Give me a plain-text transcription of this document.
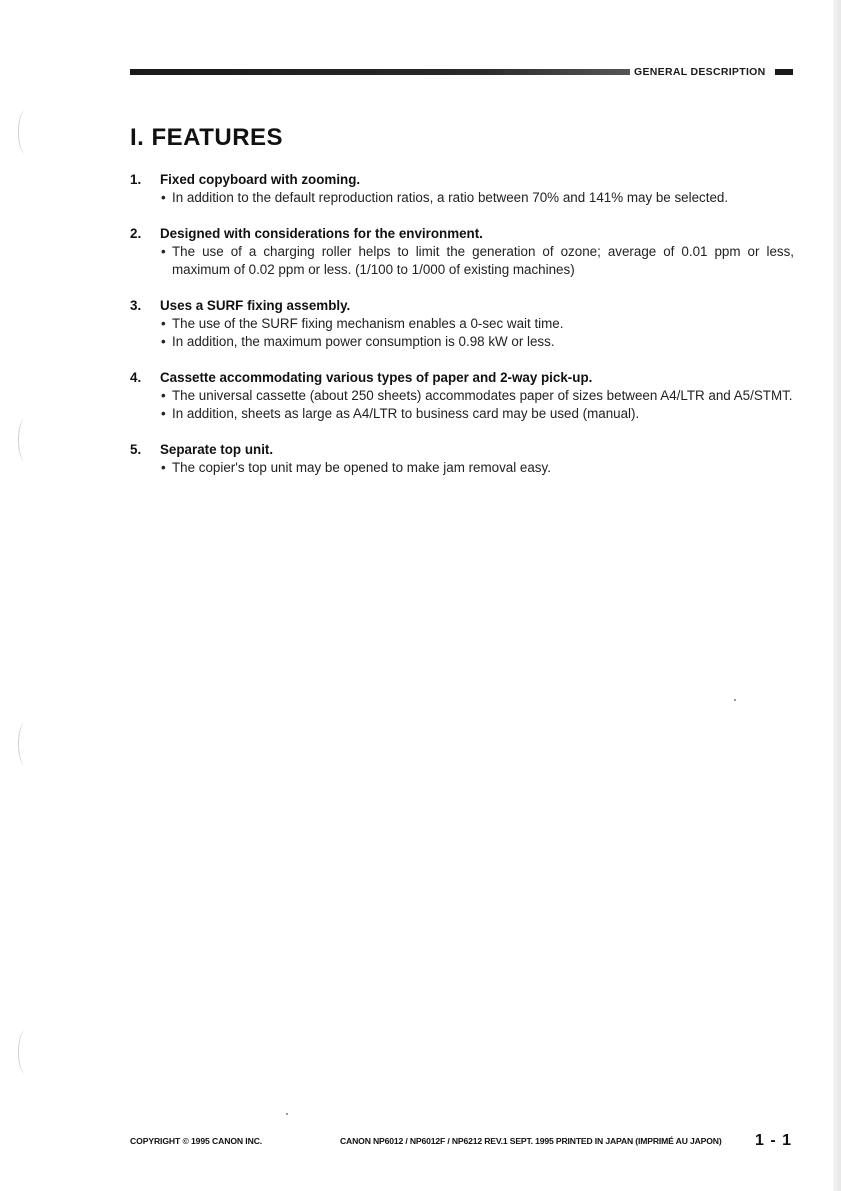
GENERAL DESCRIPTION
I. FEATURES
1.	Fixed copyboard with zooming.
• In addition to the default reproduction ratios, a ratio between 70% and 141% may be selected.
2.	Designed with considerations for the environment.
• The use of a charging roller helps to limit the generation of ozone; average of 0.01 ppm or less, maximum of 0.02 ppm or less. (1/100 to 1/000 of existing machines)
3.	Uses a SURF fixing assembly.
• The use of the SURF fixing mechanism enables a 0-sec wait time.
• In addition, the maximum power consumption is 0.98 kW or less.
4.	Cassette accommodating various types of paper and 2-way pick-up.
• The universal cassette (about 250 sheets) accommodates paper of sizes between A4/LTR and A5/STMT.
• In addition, sheets as large as A4/LTR to business card may be used (manual).
5.	Separate top unit.
• The copier's top unit may be opened to make jam removal easy.
COPYRIGHT © 1995 CANON INC.	CANON NP6012 / NP6012F / NP6212 REV.1 SEPT. 1995 PRINTED IN JAPAN (IMPRIMÉ AU JAPON) 1 - 1
